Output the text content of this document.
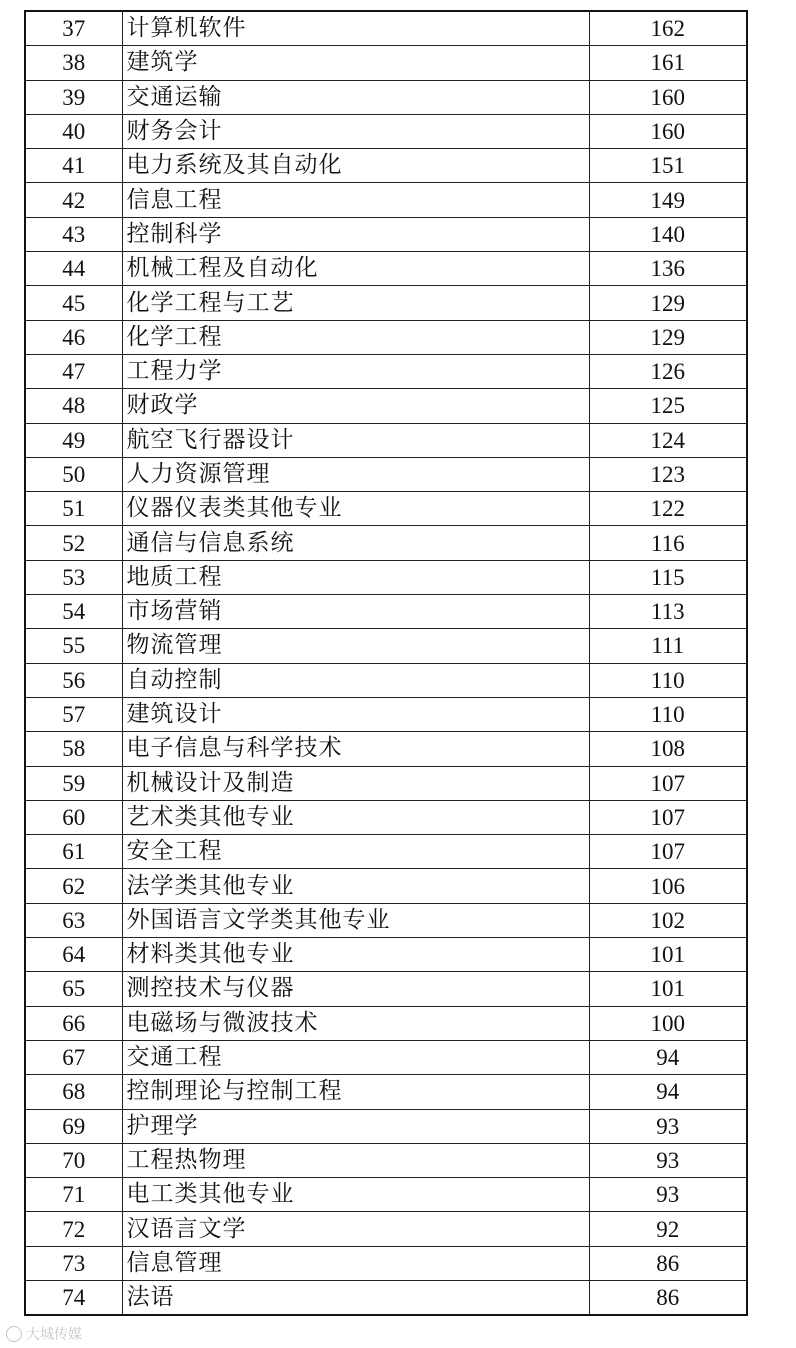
37	计算机软件	162
38	建筑学	161
39	交通运输	160
40	财务会计	160
41	电力系统及其自动化	151
42	信息工程	149
43	控制科学	140
44	机械工程及自动化	136
45	化学工程与工艺	129
46	化学工程	129
47	工程力学	126
48	财政学	125
49	航空飞行器设计	124
50	人力资源管理	123
51	仪器仪表类其他专业	122
52	通信与信息系统	116
53	地质工程	115
54	市场营销	113
55	物流管理	111
56	自动控制	110
57	建筑设计	110
58	电子信息与科学技术	108
59	机械设计及制造	107
60	艺术类其他专业	107
61	安全工程	107
62	法学类其他专业	106
63	外国语言文学类其他专业	102
64	材料类其他专业	101
65	测控技术与仪器	101
66	电磁场与微波技术	100
67	交通工程	94
68	控制理论与控制工程	94
69	护理学	93
70	工程热物理	93
71	电工类其他专业	93
72	汉语言文学	92
73	信息管理	86
74	法语	86
大城传媒
